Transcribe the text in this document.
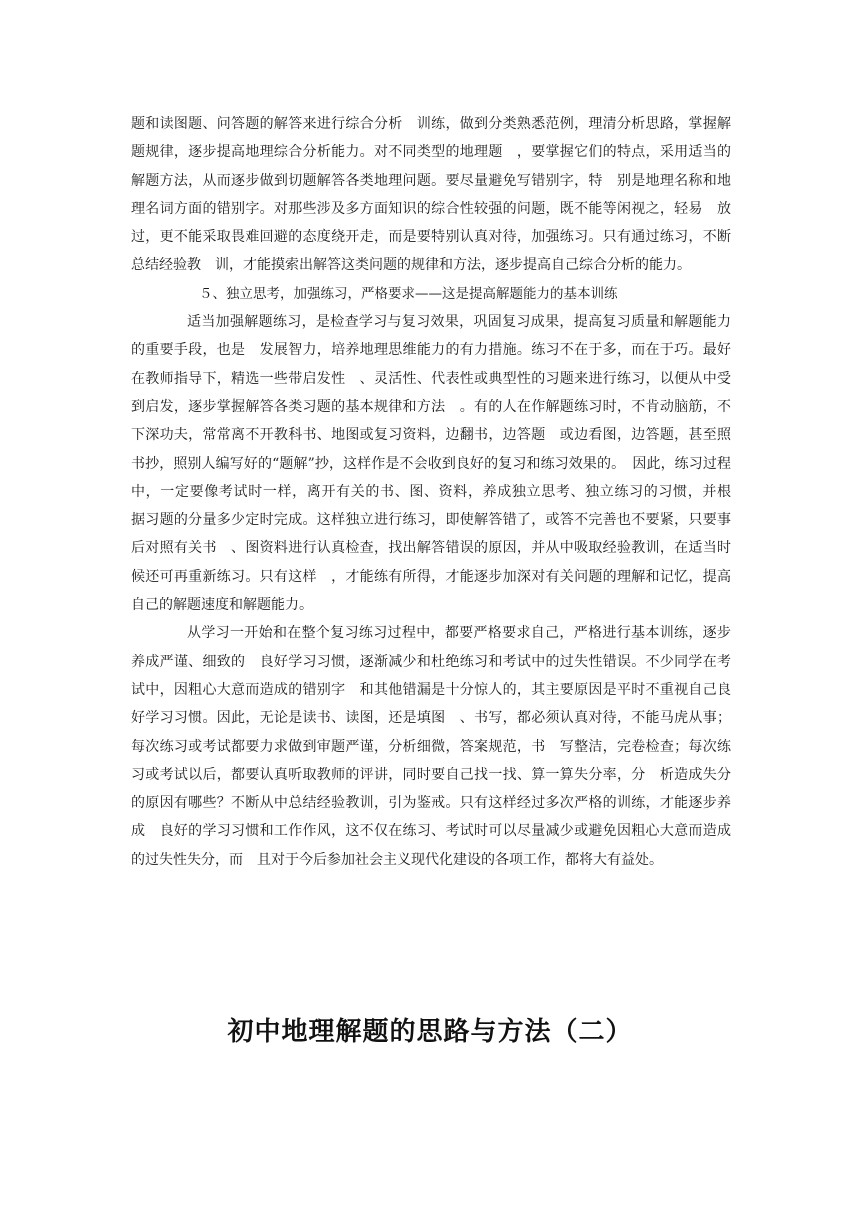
题和读图题、问答题的解答来进行综合分析　训练，做到分类熟悉范例，理清分析思路，掌握解题规律，逐步提高地理综合分析能力。对不同类型的地理题　，要掌握它们的特点，采用适当的解题方法，从而逐步做到切题解答各类地理问题。要尽量避免写错别字，特　别是地理名称和地理名词方面的错别字。对那些涉及多方面知识的综合性较强的问题，既不能等闲视之，轻易　放过，更不能采取畏难回避的态度绕开走，而是要特别认真对待，加强练习。只有通过练习，不断总结经验教　训，才能摸索出解答这类问题的规律和方法，逐步提高自己综合分析的能力。

５、独立思考，加强练习，严格要求——这是提高解题能力的基本训练

适当加强解题练习，是检查学习与复习效果，巩固复习成果，提高复习质量和解题能力的重要手段，也是　发展智力，培养地理思维能力的有力措施。练习不在于多，而在于巧。最好在教师指导下，精选一些带启发性　、灵活性、代表性或典型性的习题来进行练习，以便从中受到启发，逐步掌握解答各类习题的基本规律和方法　。有的人在作解题练习时，不肯动脑筋，不下深功夫，常常离不开教科书、地图或复习资料，边翻书，边答题　或边看图，边答题，甚至照书抄，照别人编写好的“题解”抄，这样作是不会收到良好的复习和练习效果的。　因此，练习过程中，一定要像考试时一样，离开有关的书、图、资料，养成独立思考、独立练习的习惯，并根　据习题的分量多少定时完成。这样独立进行练习，即使解答错了，或答不完善也不要紧，只要事后对照有关书　、图资料进行认真检查，找出解答错误的原因，并从中吸取经验教训，在适当时候还可再重新练习。只有这样　，才能练有所得，才能逐步加深对有关问题的理解和记忆，提高自己的解题速度和解题能力。

从学习一开始和在整个复习练习过程中，都要严格要求自己，严格进行基本训练，逐步养成严谨、细致的　良好学习习惯，逐渐减少和杜绝练习和考试中的过失性错误。不少同学在考试中，因粗心大意而造成的错别字　和其他错漏是十分惊人的，其主要原因是平时不重视自己良好学习习惯。因此，无论是读书、读图，还是填图　、书写，都必须认真对待，不能马虎从事；每次练习或考试都要力求做到审题严谨，分析细微，答案规范，书　写整洁，完卷检查；每次练习或考试以后，都要认真听取教师的评讲，同时要自己找一找、算一算失分率，分　析造成失分的原因有哪些？不断从中总结经验教训，引为鉴戒。只有这样经过多次严格的训练，才能逐步养成　良好的学习习惯和工作作风，这不仅在练习、考试时可以尽量减少或避免因粗心大意而造成的过失性失分，而　且对于今后参加社会主义现代化建设的各项工作，都将大有益处。

初中地理解题的思路与方法（二）
